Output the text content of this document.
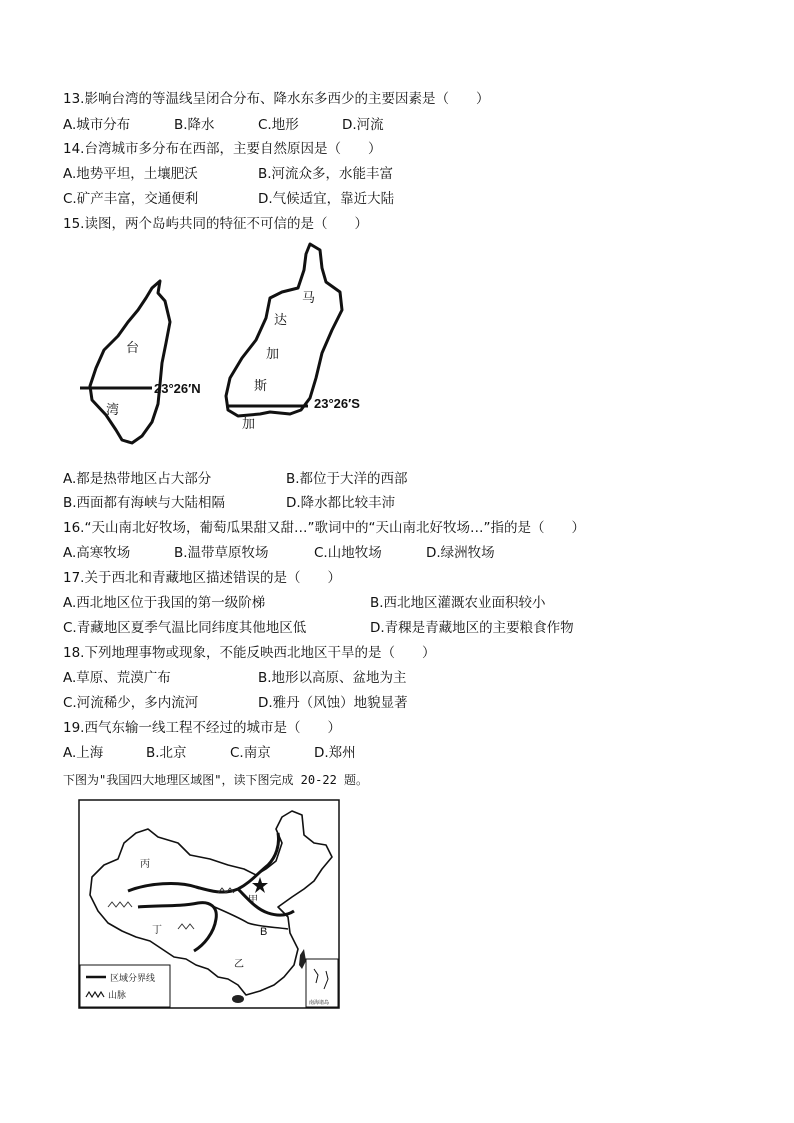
13.影响台湾的等温线呈闭合分布、降水东多西少的主要因素是（　　）
A.城市分布	B.降水	C.地形	D.河流
14.台湾城市多分布在西部，主要自然原因是（　　）
A.地势平坦，土壤肥沃	B.河流众多，水能丰富
C.矿产丰富，交通便利	D.气候适宜，靠近大陆
15.读图，两个岛屿共同的特征不可信的是（　　）
台
湾
23°26′N
马
达
加
斯
加
23°26′S
A.都是热带地区占大部分	B.都位于大洋的西部
B.西面都有海峡与大陆相隔	D.降水都比较丰沛
16.“天山南北好牧场，葡萄瓜果甜又甜…”歌词中的“天山南北好牧场…”指的是（　　）
A.高寒牧场	B.温带草原牧场	C.山地牧场	D.绿洲牧场
17.关于西北和青藏地区描述错误的是（　　）
A.西北地区位于我国的第一级阶梯	B.西北地区灌溉农业面积较小
C.青藏地区夏季气温比同纬度其他地区低	D.青稞是青藏地区的主要粮食作物
18.下列地理事物或现象，不能反映西北地区干旱的是（　　）
A.草原、荒漠广布	B.地形以高原、盆地为主
C.河流稀少，多内流河	D.雅丹（风蚀）地貌显著
19.西气东输一线工程不经过的城市是（　　）
A.上海	B.北京	C.南京	D.郑州
下图为"我国四大地理区域图"，读下图完成 20-22 题。
丙
丁
甲
乙
B
区域分界线
山脉
南海诸岛
